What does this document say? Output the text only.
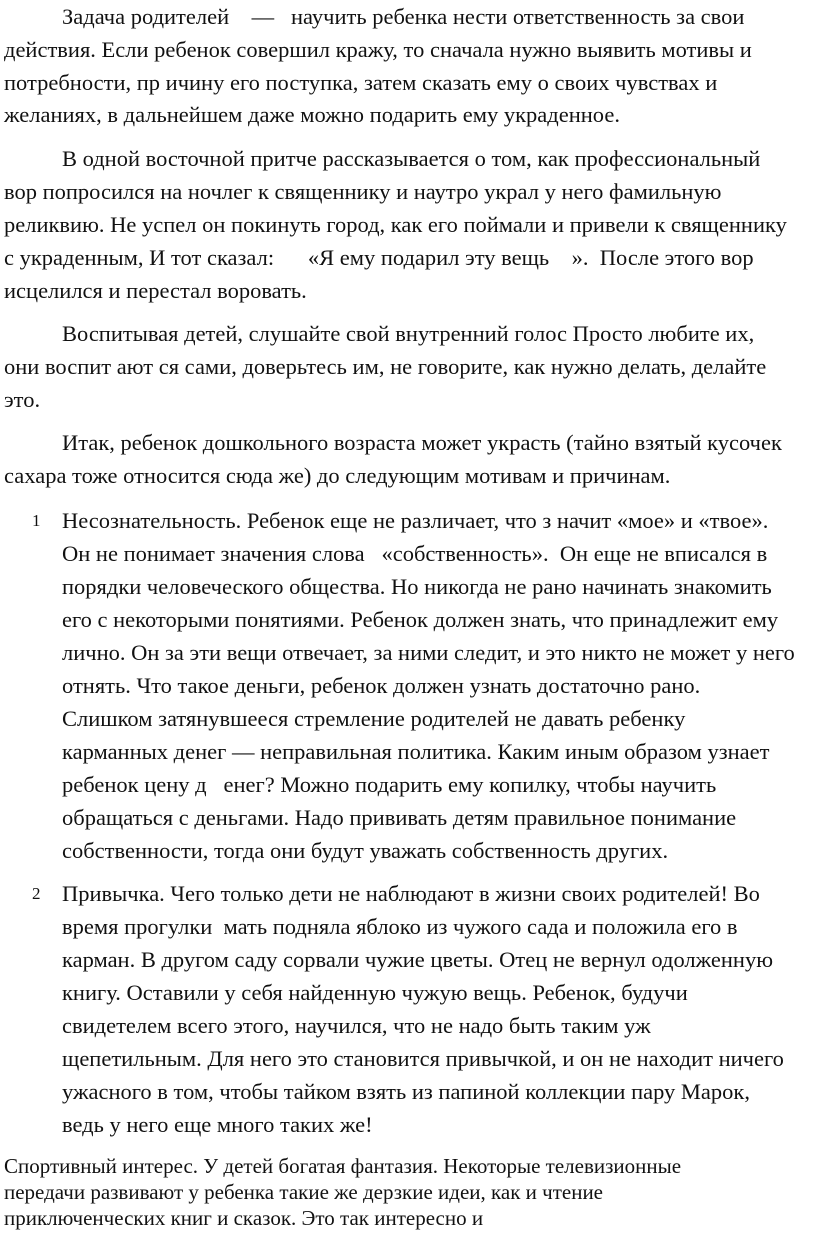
Задача родителей    —   научить ребенка нести ответственность за свои
действия. Если ребенок совершил кражу, то сначала нужно выявить мотивы и
потребности, пр ичину его поступка, затем сказать ему о своих чувствах и
желаниях, в дальнейшем даже можно подарить ему украденное.
В одной восточной притче рассказывается о том, как профессиональный
вор попросился на ночлег к священнику и наутро украл у него фамильную
реликвию. Не успел он покинуть город, как его поймали и привели к священнику
с украденным, И тот сказал:      «Я ему подарил эту вещь    ».  После этого вор
исцелился и перестал воровать.
Воспитывая детей, слушайте свой внутренний голос Просто любите их,
они воспит ают ся сами, доверьтесь им, не говорите, как нужно делать, делайте
это.
Итак, ребенок дошкольного возраста может украсть (тайно взятый кусочек
сахара тоже относится сюда же) до следующим мотивам и причинам.
1 Несознательность. Ребенок еще не различает, что з начит «мое» и «твое».
Он не понимает значения слова   «собственность».  Он еще не вписался в
порядки человеческого общества. Но никогда не рано начинать знакомить
его с некоторыми понятиями. Ребенок должен знать, что принадлежит ему
лично. Он за эти вещи отвечает, за ними следит, и это никто не может у него
отнять. Что такое деньги, ребенок должен узнать достаточно рано.
Слишком затянувшееся стремление родителей не давать ребенку
карманных денег — неправильная политика. Каким иным образом узнает
ребенок цену д   енег? Можно подарить ему копилку, чтобы научить
обращаться с деньгами. Надо прививать детям правильное понимание
собственности, тогда они будут уважать собственность других.
2 Привычка. Чего только дети не наблюдают в жизни своих родителей! Во
время прогулки  мать подняла яблоко из чужого сада и положила его в
карман. В другом саду сорвали чужие цветы. Отец не вернул одолженную
книгу. Оставили у себя найденную чужую вещь. Ребенок, будучи
свидетелем всего этого, научился, что не надо быть таким уж
щепетильным. Для него это становится привычкой, и он не находит ничего
ужасного в том, чтобы тайком взять из папиной коллекции пару Марок,
ведь у него еще много таких же!
Спортивный интерес. У детей богатая фантазия. Некоторые телевизионные
передачи развивают у ребенка такие же дерзкие идеи, как и чтение
приключенческих книг и сказок. Это так интересно и
